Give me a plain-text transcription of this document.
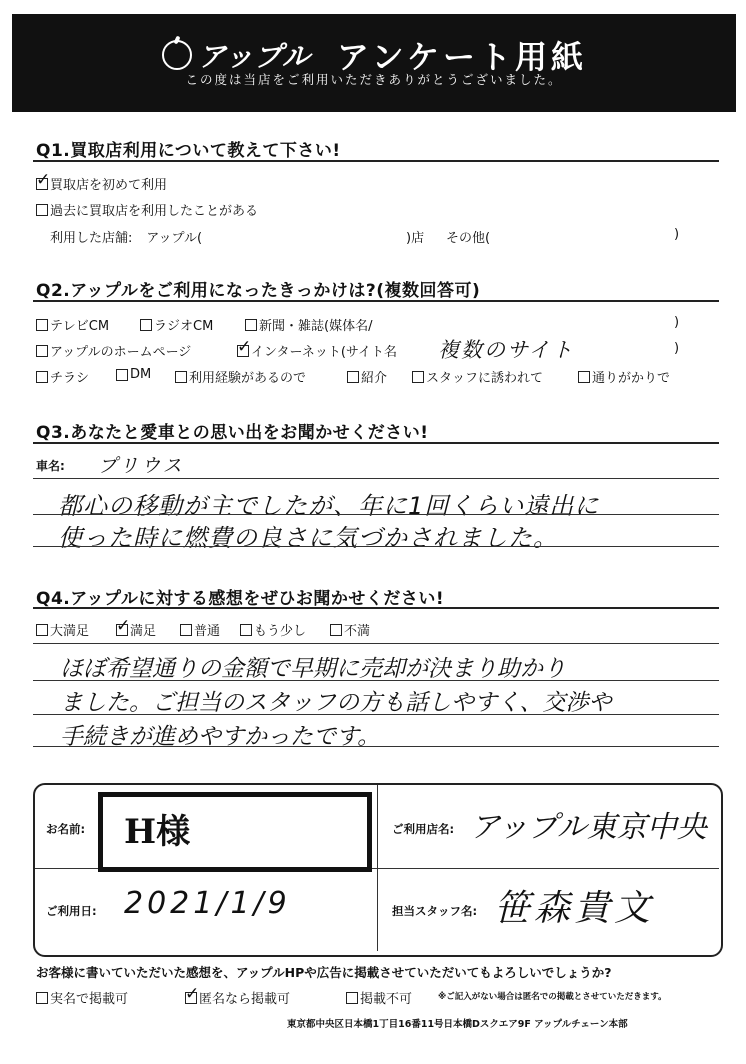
アップル アンケート用紙
この度は当店をご利用いただきありがとうございました。
Q1.買取店利用について教えて下さい!
✓
買取店を初めて利用
過去に買取店を利用したことがある
利用した店舗: アップル(	)店 その他(	)
Q2.アップルをご利用になったきっかけは?(複数回答可)
テレビCM	ラジオCM	新聞・雑誌(媒体名/	)
アップルのホームページ ✓	インターネット(サイト名 複数のサイト	)
チラシ	DM	利用経験があるので	紹介	スタッフに誘われて	通りがかりで
Q3.あなたと愛車との思い出をお聞かせください!
車名: プリウス
都心の移動が主でしたが、年に1回くらい遠出に
使った時に燃費の良さに気づかされました。
Q4.アップルに対する感想をぜひお聞かせください!
大満足 ✓	満足	普通	もう少し	不満
ほぼ希望通りの金額で早期に売却が決まり助かり
ました。ご担当のスタッフの方も話しやすく、交渉や
手続きが進めやすかったです。
お名前: H様	ご利用店名: アップル東京中央
ご利用日: 2021/1/9	担当スタッフ名: 笹森貴文
お客様に書いていただいた感想を、アップルHPや広告に掲載させていただいてもよろしいでしょうか?
実名で掲載可 ✓	匿名なら掲載可	掲載不可	※ご記入がない場合は匿名での掲載とさせていただきます。
東京都中央区日本橋1丁目16番11号日本橋Dスクエア9F アップルチェーン本部
